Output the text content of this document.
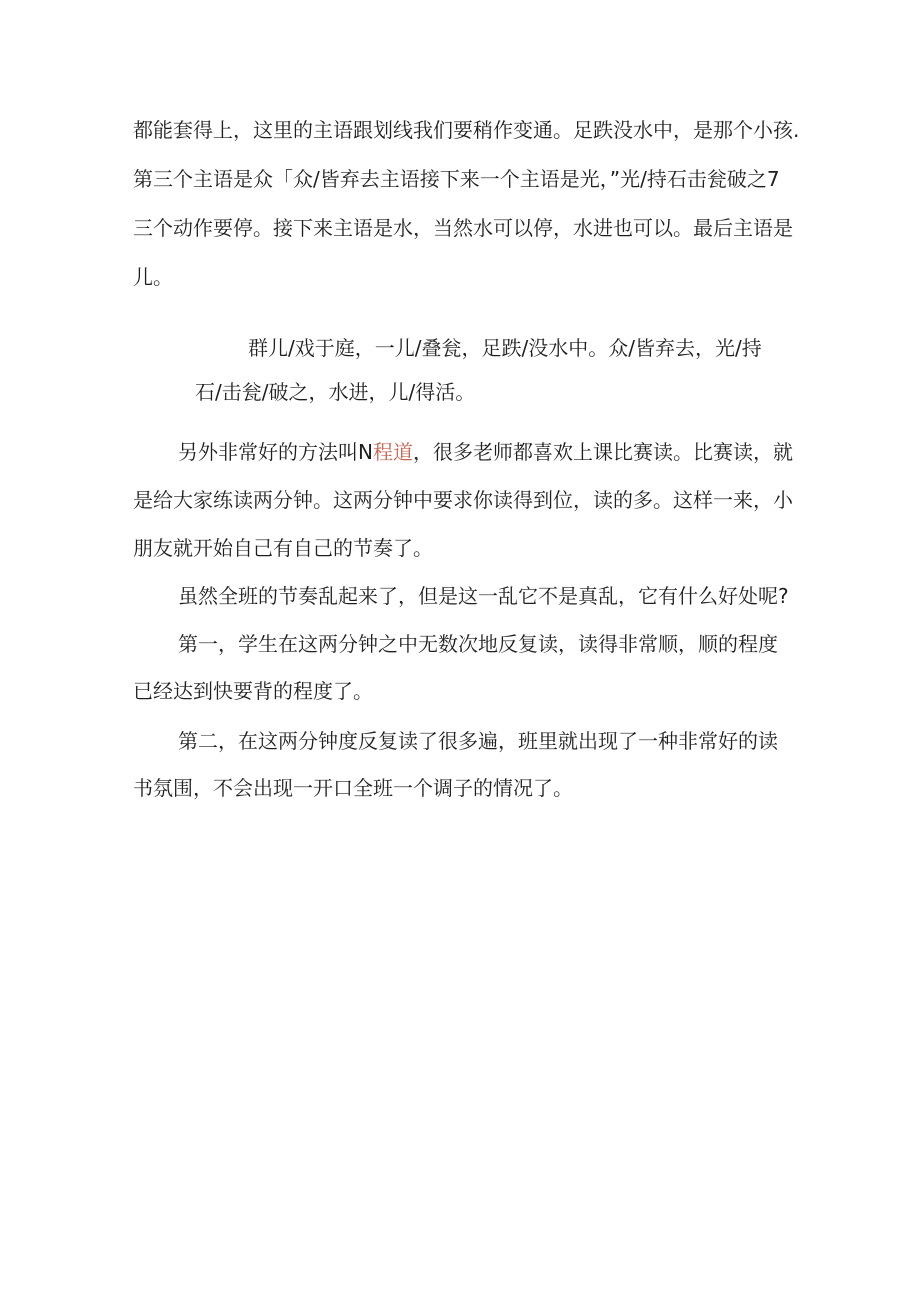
都能套得上，这里的主语跟划线我们要稍作变通。足跌没水中，是那个小孩.
第三个主语是众「众/皆弃去主语接下来一个主语是光，”光/持石击瓮破之7
三个动作要停。接下来主语是水，当然水可以停，水进也可以。最后主语是
儿。
群儿/戏于庭，一儿/叠瓮，足跌/没水中。众/皆弃去，光/持
石/击瓮/破之，水进，儿/得活。
另外非常好的方法叫N程道，很多老师都喜欢上课比赛读。比赛读，就
是给大家练读两分钟。这两分钟中要求你读得到位，读的多。这样一来，小
朋友就开始自己有自己的节奏了。
虽然全班的节奏乱起来了，但是这一乱它不是真乱，它有什么好处呢?
第一，学生在这两分钟之中无数次地反复读，读得非常顺，顺的程度
已经达到快要背的程度了。
第二，在这两分钟度反复读了很多遍，班里就出现了一种非常好的读
书氛围，不会出现一开口全班一个调子的情况了。
